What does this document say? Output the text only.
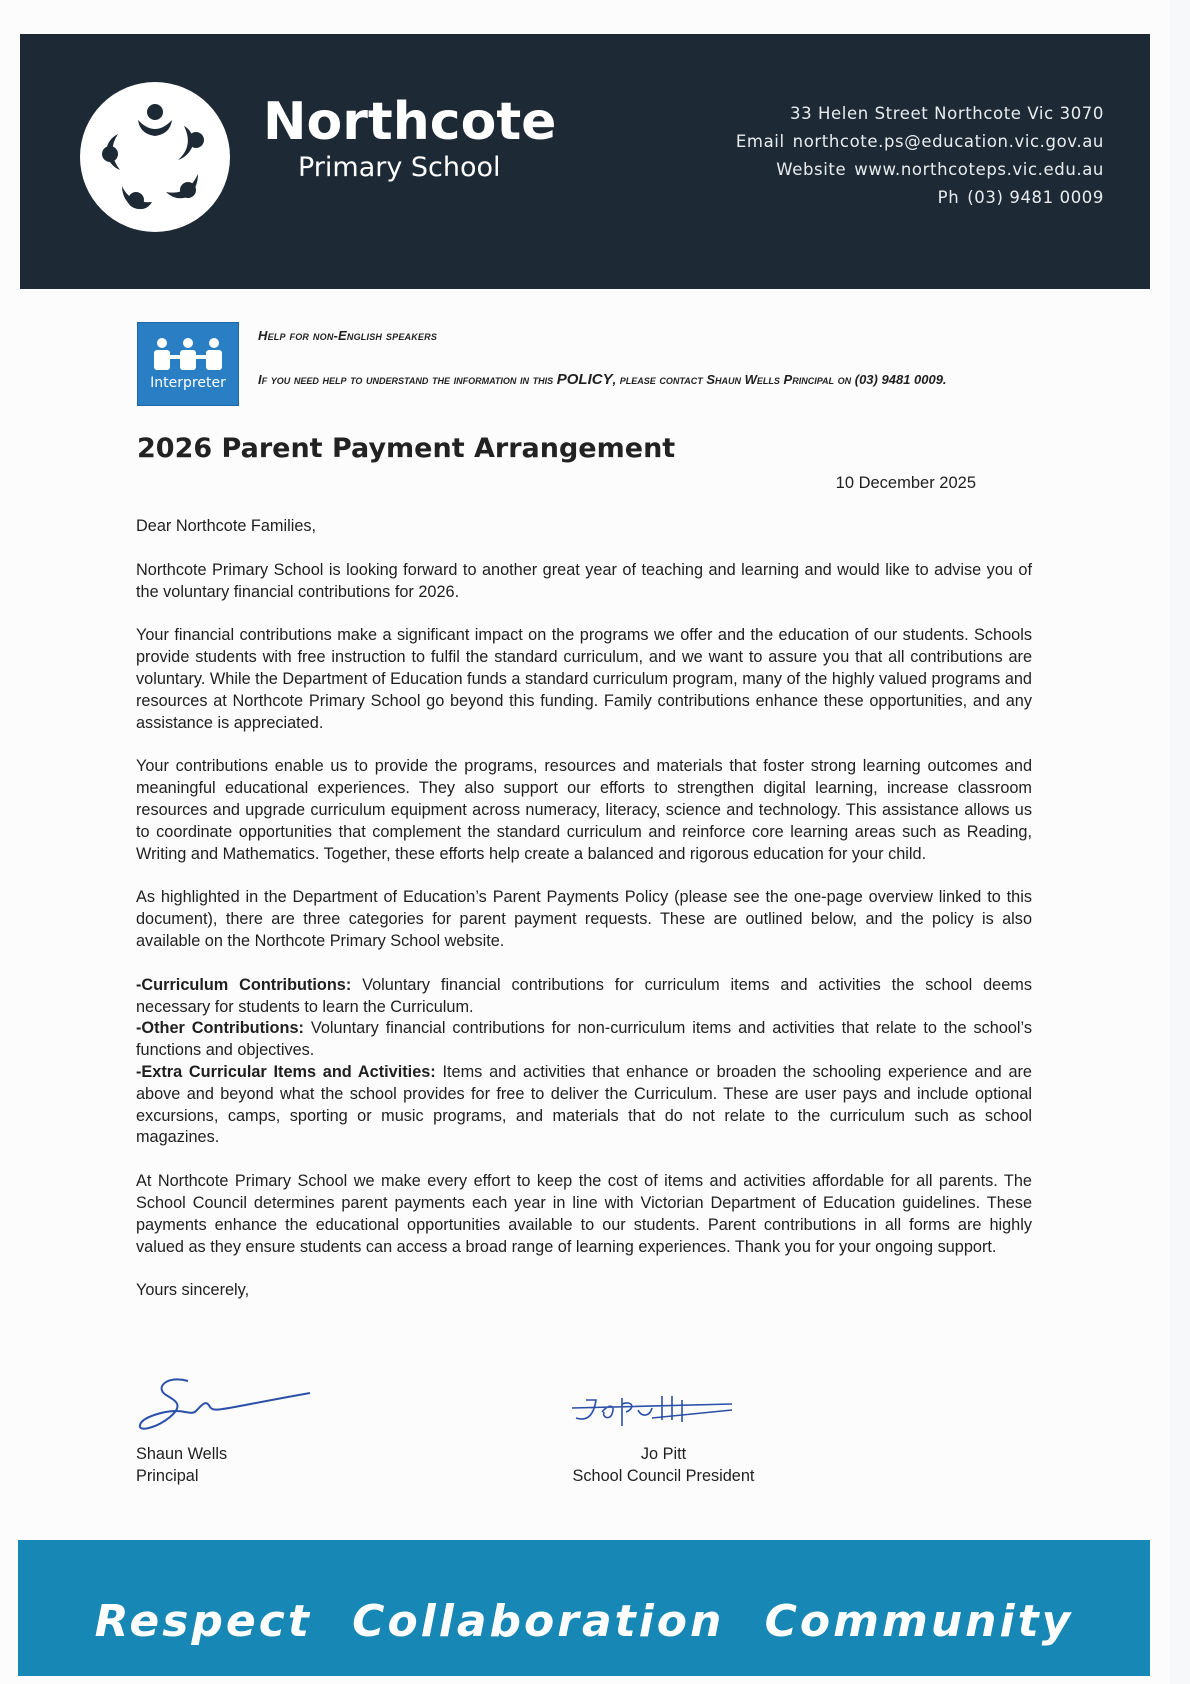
Northcote
Primary School
33 Helen Street Northcote Vic 3070
Email northcote.ps@education.vic.gov.au
Website www.northcoteps.vic.edu.au
Ph (03) 9481 0009
Interpreter
Help for non-English speakers
If you need help to understand the information in this POLICY, please contact Shaun Wells Principal on (03) 9481 0009.
2026 Parent Payment Arrangement
10 December 2025

Dear Northcote Families,

Northcote Primary School is looking forward to another great year of teaching and learning and would like to advise you of the voluntary financial contributions for 2026.

Your financial contributions make a significant impact on the programs we offer and the education of our students. Schools provide students with free instruction to fulfil the standard curriculum, and we want to assure you that all contributions are voluntary. While the Department of Education funds a standard curriculum program, many of the highly valued programs and resources at Northcote Primary School go beyond this funding. Family contributions enhance these opportunities, and any assistance is appreciated.

Your contributions enable us to provide the programs, resources and materials that foster strong learning outcomes and meaningful educational experiences. They also support our efforts to strengthen digital learning, increase classroom resources and upgrade curriculum equipment across numeracy, literacy, science and technology. This assistance allows us to coordinate opportunities that complement the standard curriculum and reinforce core learning areas such as Reading, Writing and Mathematics. Together, these efforts help create a balanced and rigorous education for your child.

As highlighted in the Department of Education’s Parent Payments Policy (please see the one-page overview linked to this document), there are three categories for parent payment requests. These are outlined below, and the policy is also available on the Northcote Primary School website.

-Curriculum Contributions: Voluntary financial contributions for curriculum items and activities the school deems necessary for students to learn the Curriculum.

-Other Contributions: Voluntary financial contributions for non-curriculum items and activities that relate to the school’s functions and objectives.

-Extra Curricular Items and Activities: Items and activities that enhance or broaden the schooling experience and are above and beyond what the school provides for free to deliver the Curriculum. These are user pays and include optional excursions, camps, sporting or music programs, and materials that do not relate to the curriculum such as school magazines.

At Northcote Primary School we make every effort to keep the cost of items and activities affordable for all parents. The School Council determines parent payments each year in line with Victorian Department of Education guidelines. These payments enhance the educational opportunities available to our students. Parent contributions in all forms are highly valued as they ensure students can access a broad range of learning experiences. Thank you for your ongoing support.

Yours sincerely,

Shaun Wells
Principal
Jo Pitt
School Council President
Respect Collaboration Community
